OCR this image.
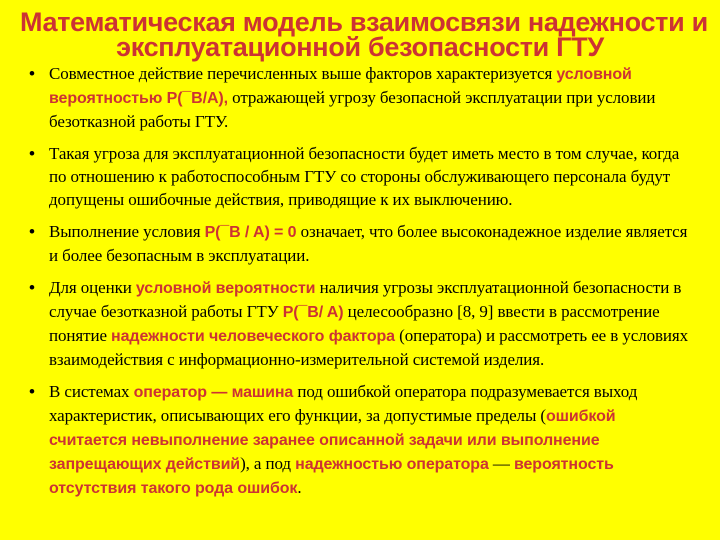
Математическая модель взаимосвязи надежности и
эксплуатационной безопасности ГТУ
• Совместное действие перечисленных выше факторов характеризуется условной вероятностью P(¯B/A), отражающей угрозу безопасной эксплуатации при условии безотказной работы ГТУ.
• Такая угроза для эксплуатационной безопасности будет иметь место в том случае, когда по отношению к работоспособным ГТУ со стороны обслуживающего персонала будут допущены ошибочные действия, приводящие к их выключению.
• Выполнение условия P(¯B / A) = 0 означает, что более высоконадежное изделие является и более безопасным в эксплуатации.
• Для оценки условной вероятности наличия угрозы эксплуатационной безопасности в случае безотказной работы ГТУ P(¯B/ A) целесообразно [8, 9] ввести в рассмотрение понятие надежности человеческого фактора (оператора) и рассмотреть ее в условиях взаимодействия с информационно-измерительной системой изделия.
• В системах оператор — машина под ошибкой оператора подразумевается выход характеристик, описывающих его функции, за допустимые пределы (ошибкой считается невыполнение заранее описанной задачи или выполнение запрещающих действий), а под надежностью оператора — вероятность отсутствия такого рода ошибок.
